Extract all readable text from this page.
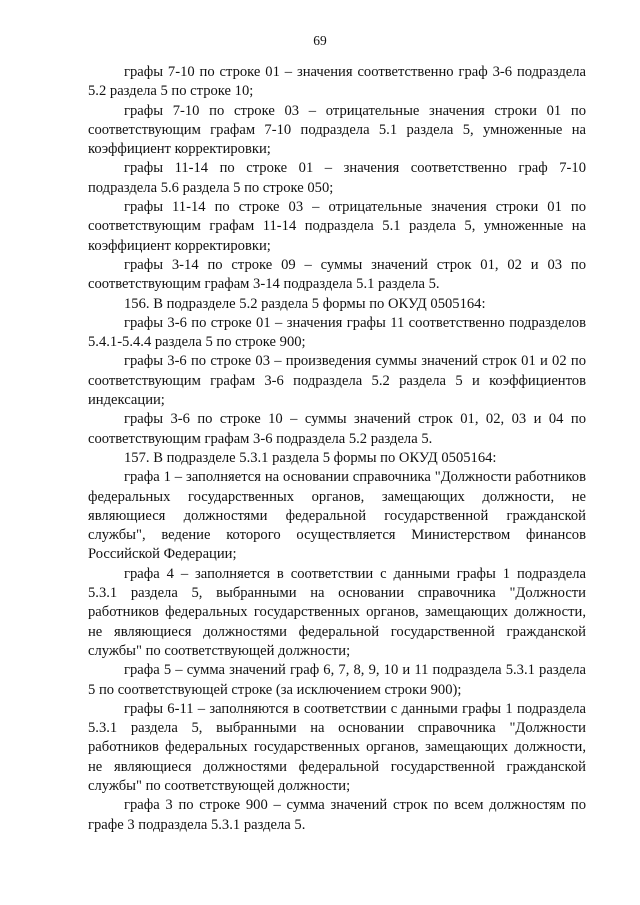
69

графы 7-10 по строке 01 – значения соответственно граф 3-6 подраздела 5.2 раздела 5 по строке 10;

графы 7-10 по строке 03 – отрицательные значения строки 01 по соответствующим графам 7-10 подраздела 5.1 раздела 5, умноженные на коэффициент корректировки;

графы 11-14 по строке 01 – значения соответственно граф 7-10 подраздела 5.6 раздела 5 по строке 050;

графы 11-14 по строке 03 – отрицательные значения строки 01 по соответствующим графам 11-14 подраздела 5.1 раздела 5, умноженные на коэффициент корректировки;

графы 3-14 по строке 09 – суммы значений строк 01, 02 и 03 по соответствующим графам 3-14 подраздела 5.1 раздела 5.

156. В подразделе 5.2 раздела 5 формы по ОКУД 0505164:

графы 3-6 по строке 01 – значения графы 11 соответственно подразделов 5.4.1-5.4.4 раздела 5 по строке 900;

графы 3-6 по строке 03 – произведения суммы значений строк 01 и 02 по соответствующим графам 3-6 подраздела 5.2 раздела 5 и коэффициентов индексации;

графы 3-6 по строке 10 – суммы значений строк 01, 02, 03 и 04 по соответствующим графам 3-6 подраздела 5.2 раздела 5.

157. В подразделе 5.3.1 раздела 5 формы по ОКУД 0505164:

графа 1 – заполняется на основании справочника "Должности работников федеральных государственных органов, замещающих должности, не являющиеся должностями федеральной государственной гражданской службы", ведение которого осуществляется Министерством финансов Российской Федерации;

графа 4 – заполняется в соответствии с данными графы 1 подраздела 5.3.1 раздела 5, выбранными на основании справочника "Должности работников федеральных государственных органов, замещающих должности, не являющиеся должностями федеральной государственной гражданской службы" по соответствующей должности;

графа 5 – сумма значений граф 6, 7, 8, 9, 10 и 11 подраздела 5.3.1 раздела 5 по соответствующей строке (за исключением строки 900);

графы 6-11 – заполняются в соответствии с данными графы 1 подраздела 5.3.1 раздела 5, выбранными на основании справочника "Должности работников федеральных государственных органов, замещающих должности, не являющиеся должностями федеральной государственной гражданской службы" по соответствующей должности;

графа 3 по строке 900 – сумма значений строк по всем должностям по графе 3 подраздела 5.3.1 раздела 5.
